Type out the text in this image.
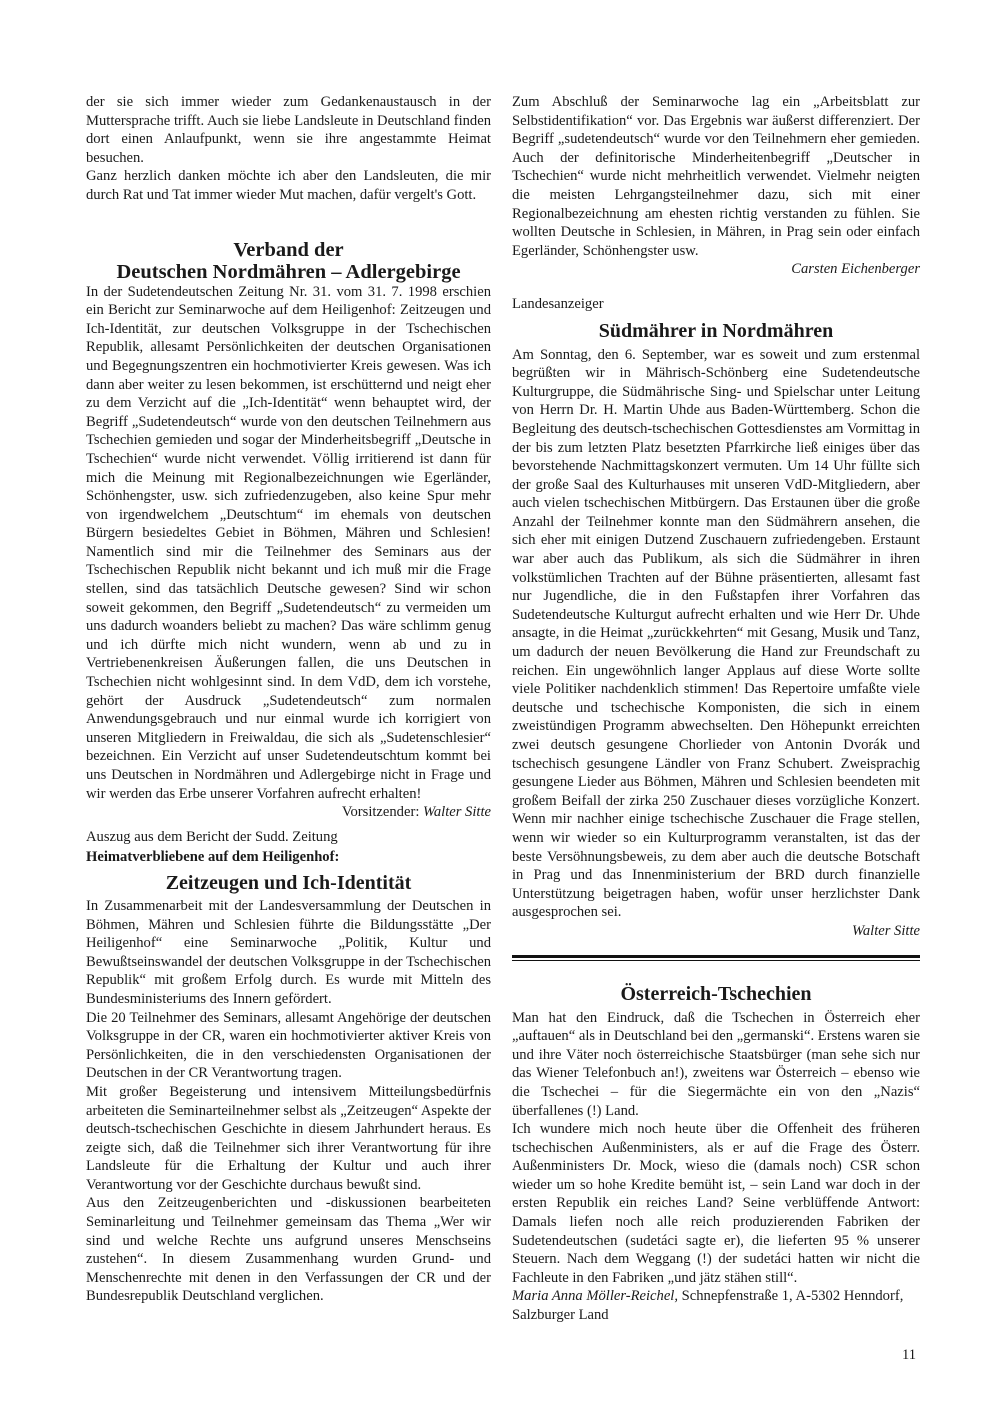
der sie sich immer wieder zum Gedankenaustausch in der Muttersprache trifft. Auch sie liebe Landsleute in Deutschland finden dort einen Anlaufpunkt, wenn sie ihre angestammte Heimat besuchen.

Ganz herzlich danken möchte ich aber den Landsleuten, die mir durch Rat und Tat immer wieder Mut machen, dafür vergelt's Gott.

Verband der
Deutschen Nordmähren – Adlergebirge

In der Sudetendeutschen Zeitung Nr. 31. vom 31. 7. 1998 erschien ein Bericht zur Seminarwoche auf dem Heiligenhof: Zeitzeugen und Ich-Identität, zur deutschen Volksgruppe in der Tschechischen Republik, allesamt Persönlichkeiten der deutschen Organisationen und Begegnungszentren ein hochmotivierter Kreis gewesen. Was ich dann aber weiter zu lesen bekommen, ist erschütternd und neigt eher zu dem Verzicht auf die „Ich-Identität“ wenn behauptet wird, der Begriff „Sudetendeutsch“ wurde von den deutschen Teilnehmern aus Tschechien gemieden und sogar der Minderheitsbegriff „Deutsche in Tschechien“ wurde nicht verwendet. Völlig irritierend ist dann für mich die Meinung mit Regionalbezeichnungen wie Egerländer, Schönhengster, usw. sich zufriedenzugeben, also keine Spur mehr von irgendwelchem „Deutschtum“ im ehemals von deutschen Bürgern besiedeltes Gebiet in Böhmen, Mähren und Schlesien! Namentlich sind mir die Teilnehmer des Seminars aus der Tschechischen Republik nicht bekannt und ich muß mir die Frage stellen, sind das tatsächlich Deutsche gewesen? Sind wir schon soweit gekommen, den Begriff „Sudetendeutsch“ zu vermeiden um uns dadurch woanders beliebt zu machen? Das wäre schlimm genug und ich dürfte mich nicht wundern, wenn ab und zu in Vertriebenenkreisen Äußerungen fallen, die uns Deutschen in Tschechien nicht wohlgesinnt sind. In dem VdD, dem ich vorstehe, gehört der Ausdruck „Sudetendeutsch“ zum normalen Anwendungsgebrauch und nur einmal wurde ich korrigiert von unseren Mitgliedern in Freiwaldau, die sich als „Sudetenschlesier“ bezeichnen. Ein Verzicht auf unser Sudetendeutschtum kommt bei uns Deutschen in Nordmähren und Adlergebirge nicht in Frage und wir werden das Erbe unserer Vorfahren aufrecht erhalten!

Vorsitzender: Walter Sitte

Auszug aus dem Bericht der Sudd. Zeitung

Heimatverbliebene auf dem Heiligenhof:

Zeitzeugen und Ich-Identität

In Zusammenarbeit mit der Landesversammlung der Deutschen in Böhmen, Mähren und Schlesien führte die Bildungsstätte „Der Heiligenhof“ eine Seminarwoche „Politik, Kultur und Bewußtseinswandel der deutschen Volksgruppe in der Tschechischen Republik“ mit großem Erfolg durch. Es wurde mit Mitteln des Bundesministeriums des Innern gefördert.

Die 20 Teilnehmer des Seminars, allesamt Angehörige der deutschen Volksgruppe in der CR, waren ein hochmotivierter aktiver Kreis von Persönlichkeiten, die in den verschiedensten Organisationen der Deutschen in der CR Verantwortung tragen.

Mit großer Begeisterung und intensivem Mitteilungsbedürfnis arbeiteten die Seminarteilnehmer selbst als „Zeitzeugen“ Aspekte der deutsch-tschechischen Geschichte in diesem Jahrhundert heraus. Es zeigte sich, daß die Teilnehmer sich ihrer Verantwortung für ihre Landsleute für die Erhaltung der Kultur und auch ihrer Verantwortung vor der Geschichte durchaus bewußt sind.

Aus den Zeitzeugenberichten und -diskussionen bearbeiteten Seminarleitung und Teilnehmer gemeinsam das Thema „Wer wir sind und welche Rechte uns aufgrund unseres Menschseins zustehen“. In diesem Zusammenhang wurden Grund- und Menschenrechte mit denen in den Verfassungen der CR und der Bundesrepublik Deutschland verglichen.

Zum Abschluß der Seminarwoche lag ein „Arbeitsblatt zur Selbstidentifikation“ vor. Das Ergebnis war äußerst differenziert. Der Begriff „sudetendeutsch“ wurde vor den Teilnehmern eher gemieden. Auch der definitorische Minderheitenbegriff „Deutscher in Tschechien“ wurde nicht mehrheitlich verwendet. Vielmehr neigten die meisten Lehrgangsteilnehmer dazu, sich mit einer Regionalbezeichnung am ehesten richtig verstanden zu fühlen. Sie wollten Deutsche in Schlesien, in Mähren, in Prag sein oder einfach Egerländer, Schönhengster usw.

Carsten Eichenberger

Landesanzeiger

Südmährer in Nordmähren

Am Sonntag, den 6. September, war es soweit und zum erstenmal begrüßten wir in Mährisch-Schönberg eine Sudetendeutsche Kulturgruppe, die Südmährische Sing- und Spielschar unter Leitung von Herrn Dr. H. Martin Uhde aus Baden-Württemberg. Schon die Begleitung des deutsch-tschechischen Gottesdienstes am Vormittag in der bis zum letzten Platz besetzten Pfarrkirche ließ einiges über das bevorstehende Nachmittagskonzert vermuten. Um 14 Uhr füllte sich der große Saal des Kulturhauses mit unseren VdD-Mitgliedern, aber auch vielen tschechischen Mitbürgern. Das Erstaunen über die große Anzahl der Teilnehmer konnte man den Südmährern ansehen, die sich eher mit einigen Dutzend Zuschauern zufriedengeben. Erstaunt war aber auch das Publikum, als sich die Südmährer in ihren volkstümlichen Trachten auf der Bühne präsentierten, allesamt fast nur Jugendliche, die in den Fußstapfen ihrer Vorfahren das Sudetendeutsche Kulturgut aufrecht erhalten und wie Herr Dr. Uhde ansagte, in die Heimat „zurückkehrten“ mit Gesang, Musik und Tanz, um dadurch der neuen Bevölkerung die Hand zur Freundschaft zu reichen. Ein ungewöhnlich langer Applaus auf diese Worte sollte viele Politiker nachdenklich stimmen! Das Repertoire umfaßte viele deutsche und tschechische Komponisten, die sich in einem zweistündigen Programm abwechselten. Den Höhepunkt erreichten zwei deutsch gesungene Chorlieder von Antonin Dvorák und tschechisch gesungene Ländler von Franz Schubert. Zweisprachig gesungene Lieder aus Böhmen, Mähren und Schlesien beendeten mit großem Beifall der zirka 250 Zuschauer dieses vorzügliche Konzert. Wenn mir nachher einige tschechische Zuschauer die Frage stellen, wenn wir wieder so ein Kulturprogramm veranstalten, ist das der beste Versöhnungsbeweis, zu dem aber auch die deutsche Botschaft in Prag und das Innenministerium der BRD durch finanzielle Unterstützung beigetragen haben, wofür unser herzlichster Dank ausgesprochen sei.

Walter Sitte

Österreich-Tschechien

Man hat den Eindruck, daß die Tschechen in Österreich eher „auftauen“ als in Deutschland bei den „germanski“. Erstens waren sie und ihre Väter noch österreichische Staatsbürger (man sehe sich nur das Wiener Telefonbuch an!), zweitens war Österreich – ebenso wie die Tschechei – für die Siegermächte ein von den „Nazis“ überfallenes (!) Land.

Ich wundere mich noch heute über die Offenheit des früheren tschechischen Außenministers, als er auf die Frage des Österr. Außenministers Dr. Mock, wieso die (damals noch) CSR schon wieder um so hohe Kredite bemüht ist, – sein Land war doch in der ersten Republik ein reiches Land? Seine verblüffende Antwort: Damals liefen noch alle reich produzierenden Fabriken der Sudetendeutschen (sudetáci sagte er), die lieferten 95 % unserer Steuern. Nach dem Weggang (!) der sudetáci hatten wir nicht die Fachleute in den Fabriken „und jätz stähen still“.

Maria Anna Möller-Reichel, Schnepfenstraße 1, A-5302 Henndorf, Salzburger Land

11
